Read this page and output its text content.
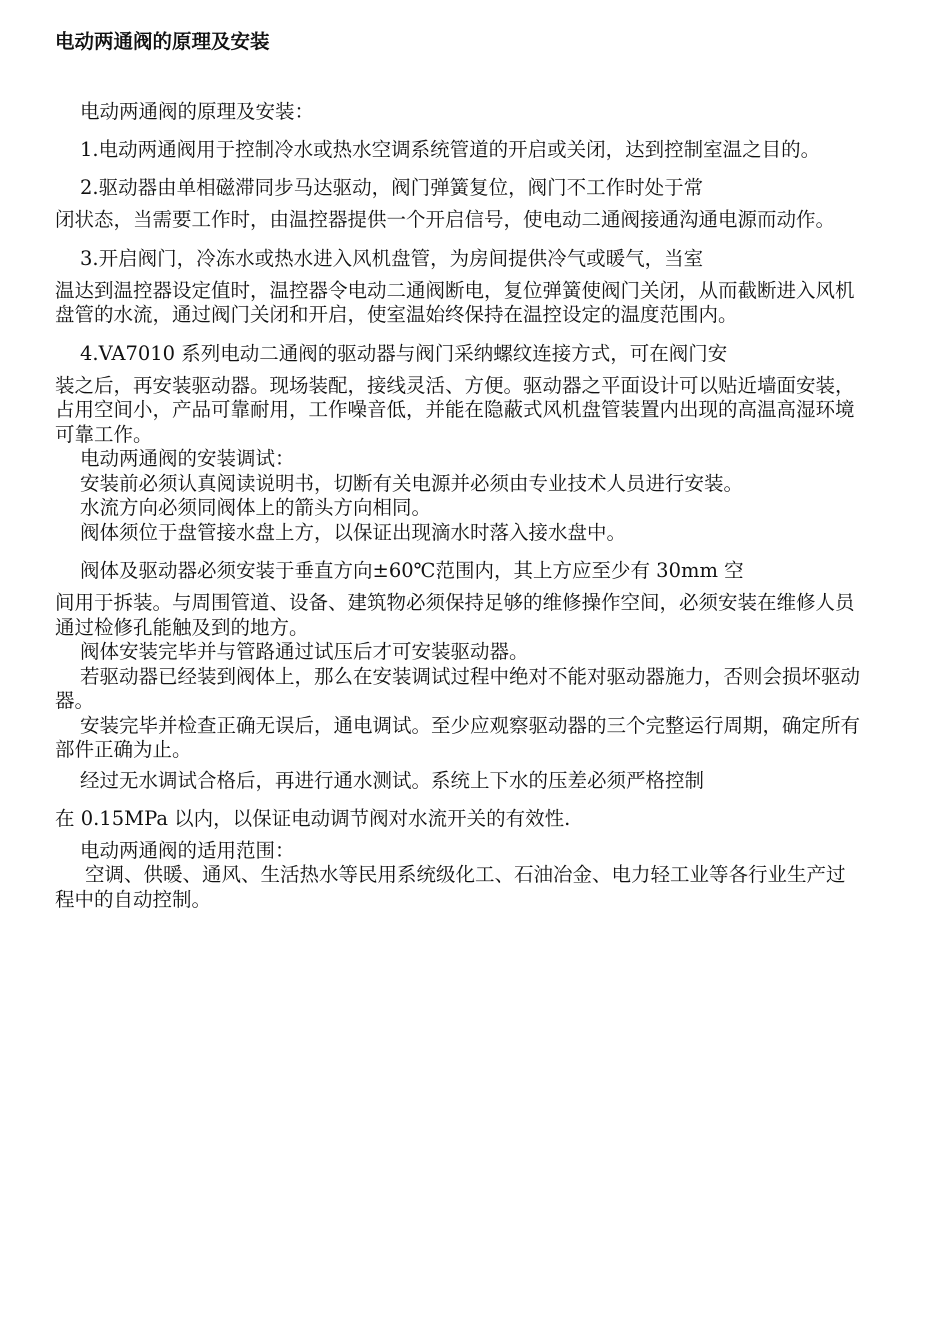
电动两通阀的原理及安装

电动两通阀的原理及安装：

1.电动两通阀用于控制冷水或热水空调系统管道的开启或关闭，达到控制室温之目的。

2.驱动器由单相磁滞同步马达驱动，阀门弹簧复位，阀门不工作时处于常

闭状态，当需要工作时，由温控器提供一个开启信号，使电动二通阀接通沟通电源而动作。

3.开启阀门，冷冻水或热水进入风机盘管，为房间提供冷气或暖气，当室

温达到温控器设定值时，温控器令电动二通阀断电，复位弹簧使阀门关闭，从而截断进入风机盘管的水流，通过阀门关闭和开启，使室温始终保持在温控设定的温度范围内。

4.VA7010 系列电动二通阀的驱动器与阀门采纳螺纹连接方式，可在阀门安

装之后，再安装驱动器。现场装配，接线灵活、方便。驱动器之平面设计可以贴近墙面安装，占用空间小，产品可靠耐用，工作噪音低，并能在隐蔽式风机盘管装置内出现的高温高湿环境可靠工作。

电动两通阀的安装调试：

安装前必须认真阅读说明书，切断有关电源并必须由专业技术人员进行安装。

水流方向必须同阀体上的箭头方向相同。

阀体须位于盘管接水盘上方，以保证出现滴水时落入接水盘中。

阀体及驱动器必须安装于垂直方向±60℃范围内，其上方应至少有 30mm 空

间用于拆装。与周围管道、设备、建筑物必须保持足够的维修操作空间，必须安装在维修人员通过检修孔能触及到的地方。

阀体安装完毕并与管路通过试压后才可安装驱动器。

若驱动器已经装到阀体上，那么在安装调试过程中绝对不能对驱动器施力，否则会损坏驱动器。

安装完毕并检查正确无误后，通电调试。至少应观察驱动器的三个完整运行周期，确定所有部件正确为止。

经过无水调试合格后，再进行通水测试。系统上下水的压差必须严格控制

在 0.15MPa 以内，以保证电动调节阀对水流开关的有效性.

电动两通阀的适用范围：

空调、供暖、通风、生活热水等民用系统级化工、石油冶金、电力轻工业等各行业生产过程中的自动控制。
